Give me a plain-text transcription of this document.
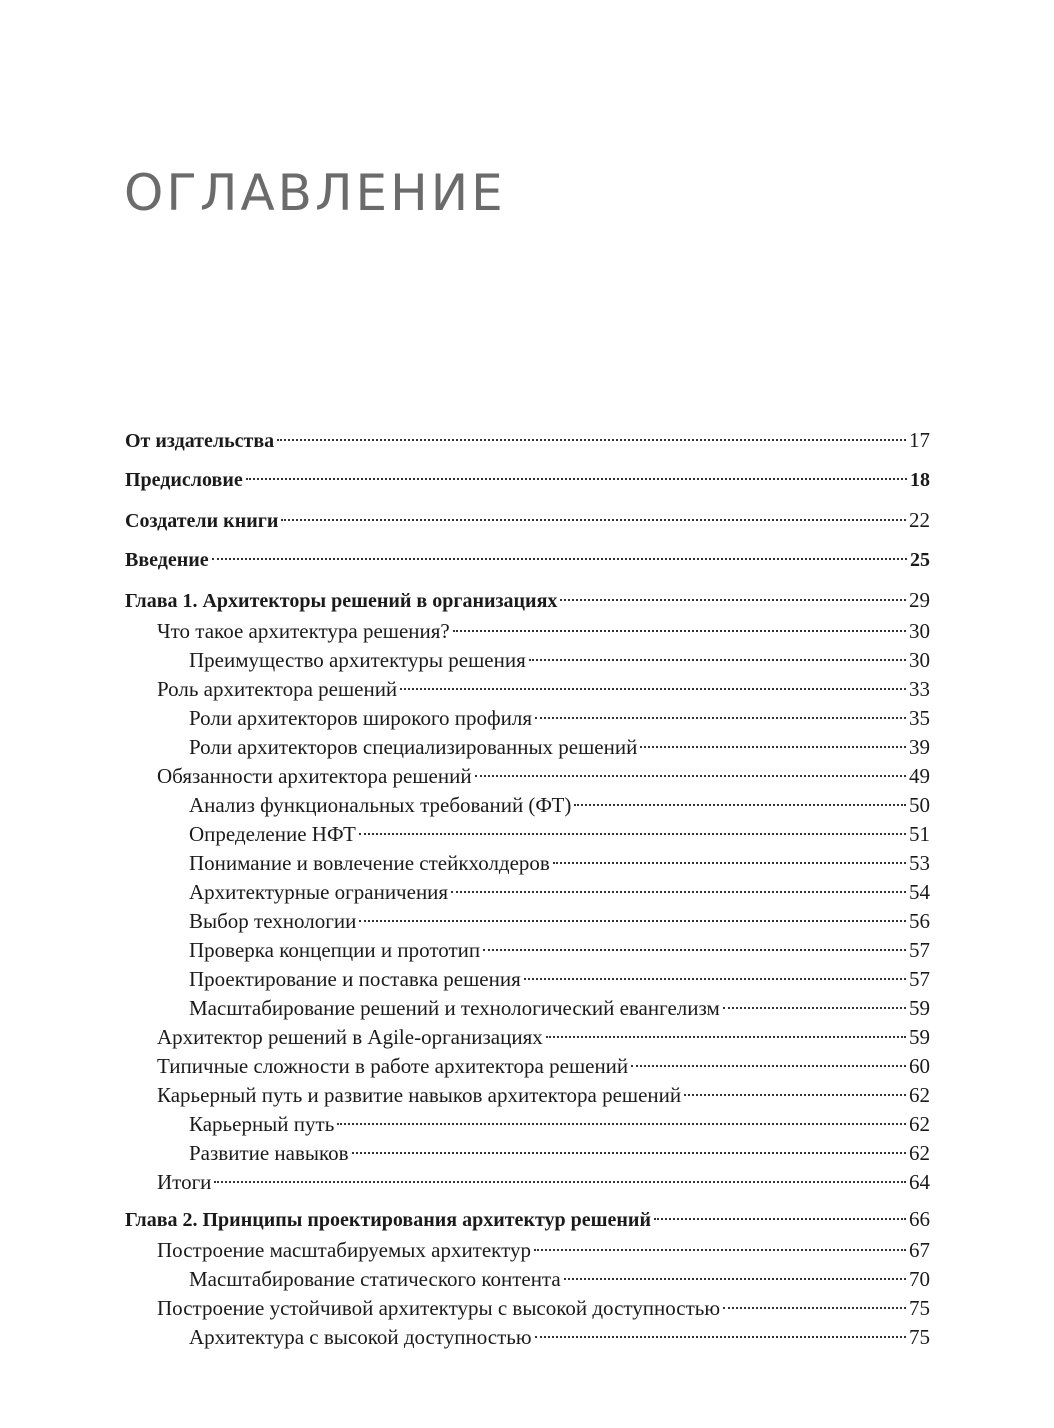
ОГЛАВЛЕНИЕ
От издательства	17
Предисловие	18
Создатели книги	22
Введение	25
Глава 1. Архитекторы решений в организациях	29
Что такое архитектура решения?	30
Преимущество архитектуры решения	30
Роль архитектора решений	33
Роли архитекторов широкого профиля	35
Роли архитекторов специализированных решений	39
Обязанности архитектора решений	49
Анализ функциональных требований (ФТ)	50
Определение НФТ	51
Понимание и вовлечение стейкхолдеров	53
Архитектурные ограничения	54
Выбор технологии	56
Проверка концепции и прототип	57
Проектирование и поставка решения	57
Масштабирование решений и технологический евангелизм	59
Архитектор решений в Agile-организациях	59
Типичные сложности в работе архитектора решений	60
Карьерный путь и развитие навыков архитектора решений	62
Карьерный путь	62
Развитие навыков	62
Итоги	64
Глава 2. Принципы проектирования архитектур решений	66
Построение масштабируемых архитектур	67
Масштабирование статического контента	70
Построение устойчивой архитектуры с высокой доступностью	75
Архитектура с высокой доступностью	75
